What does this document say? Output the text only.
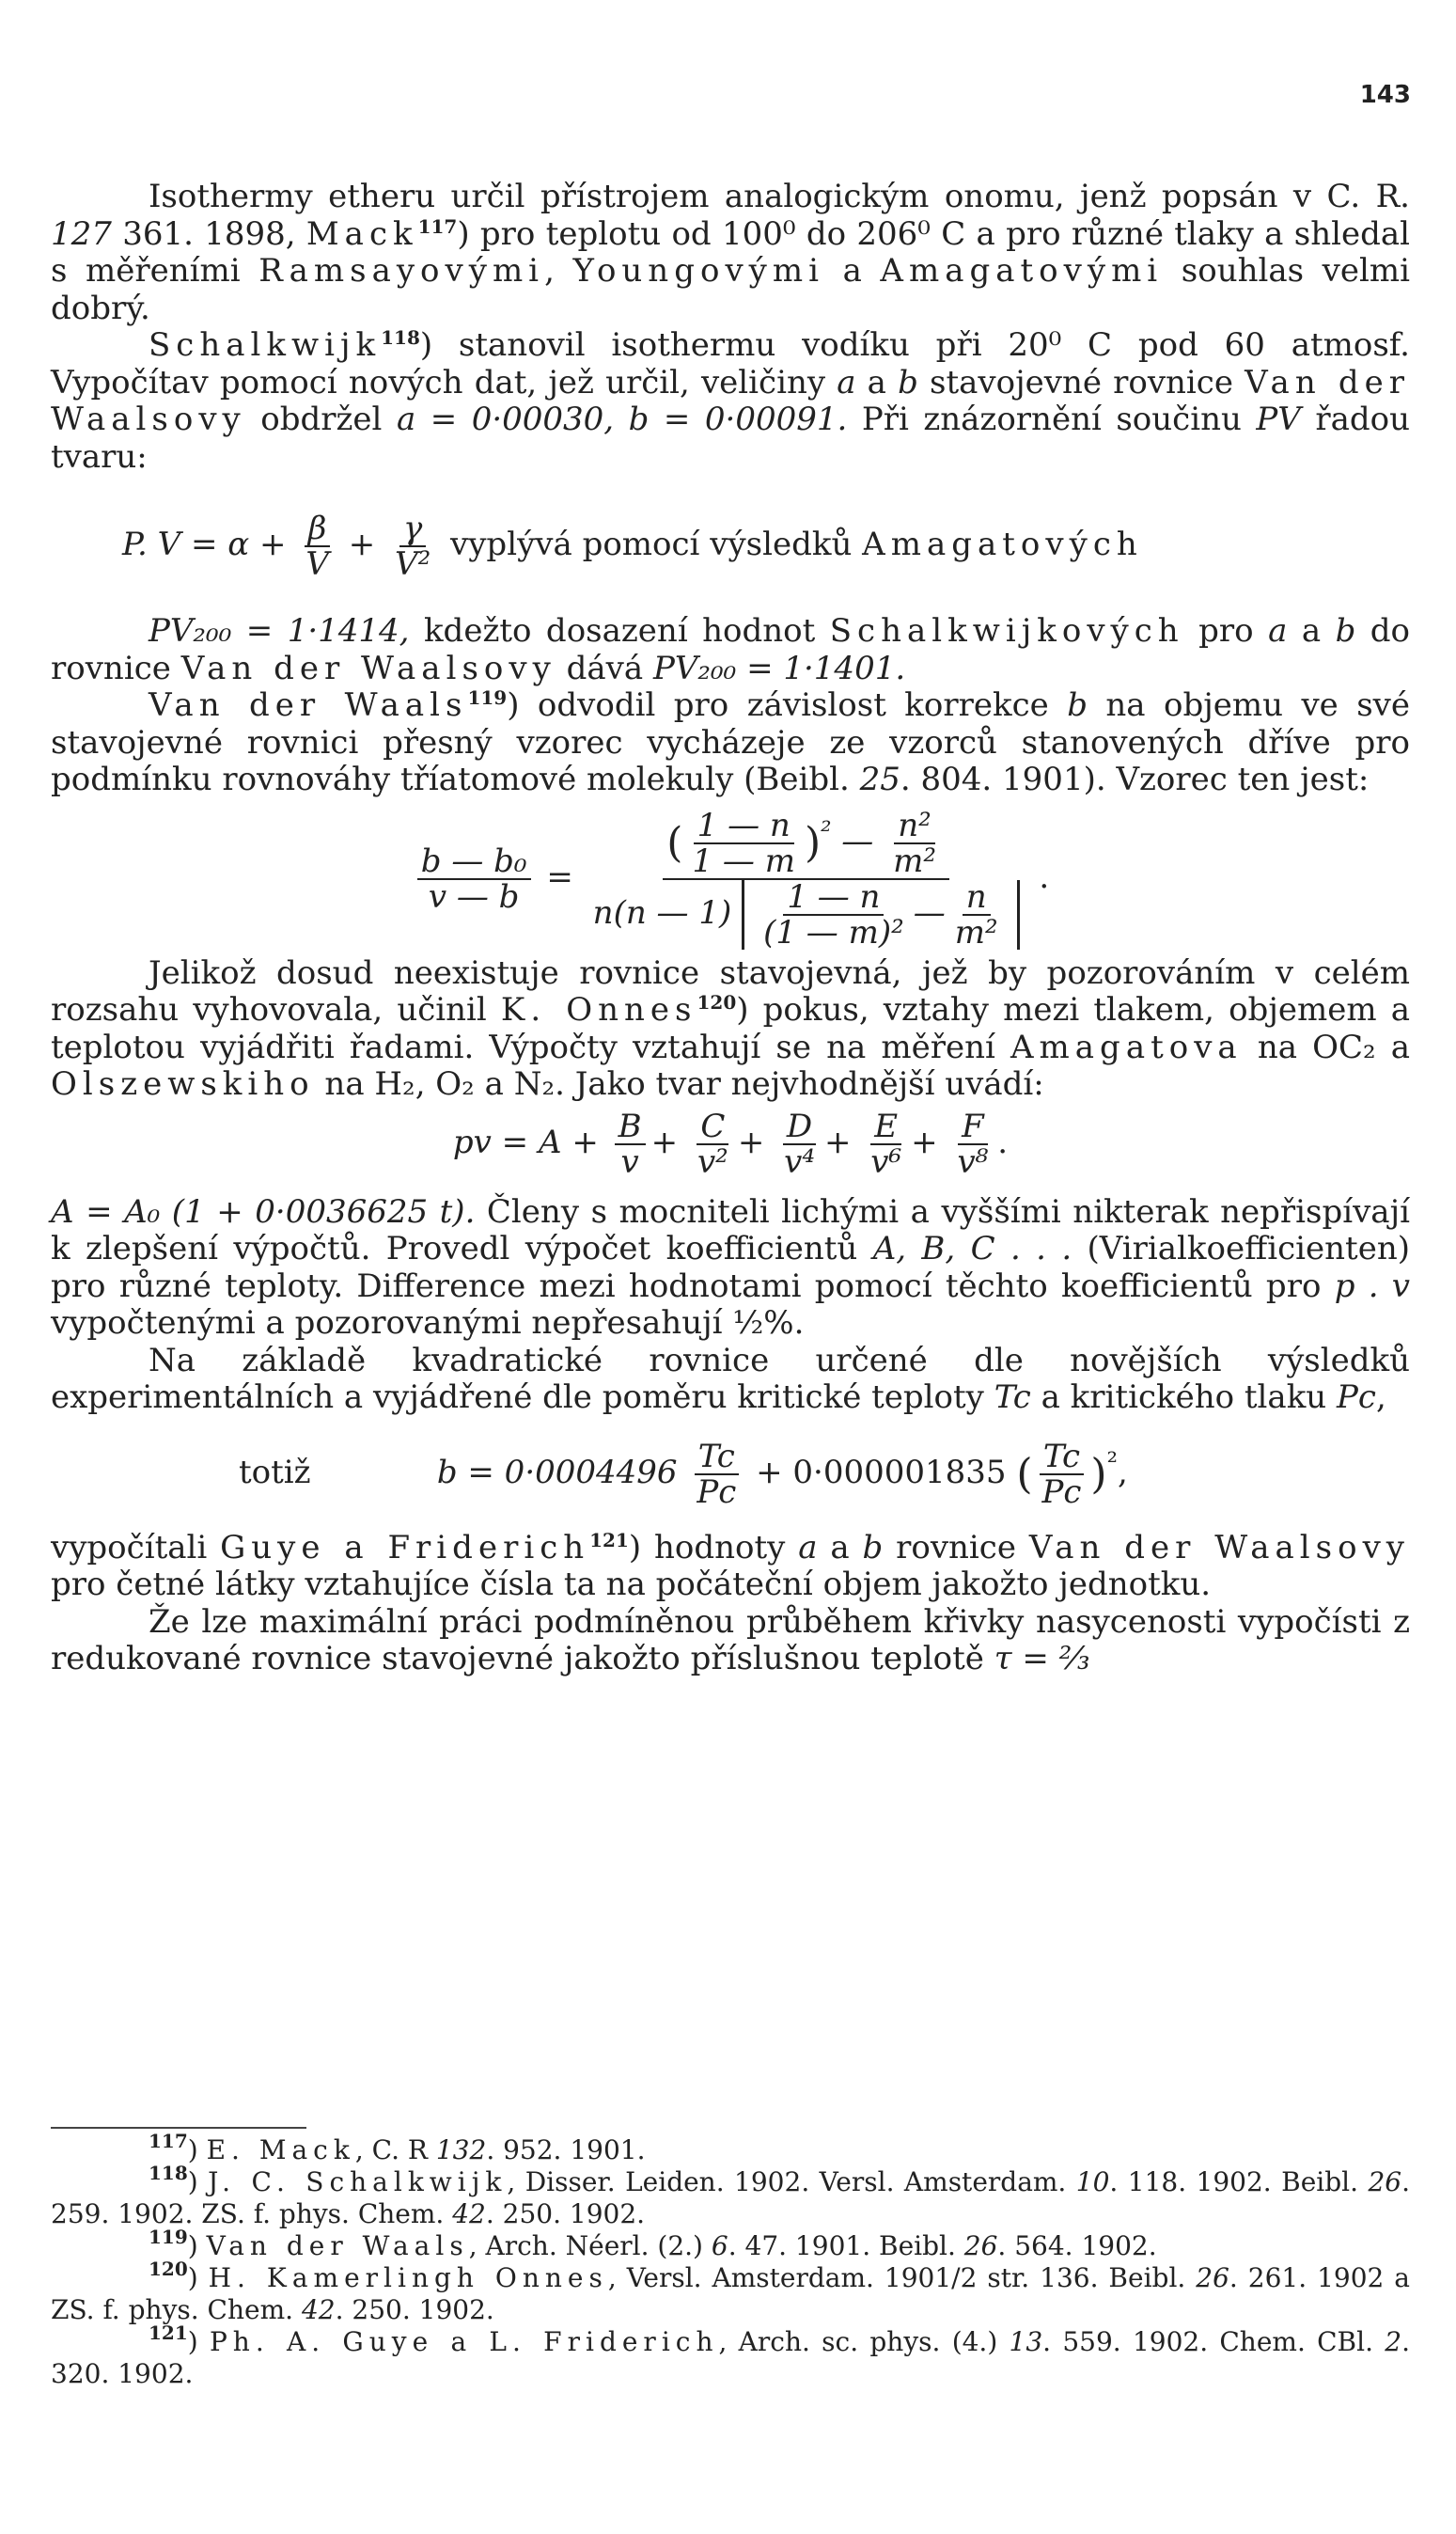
143

Isothermy etheru určil přístrojem analogickým onomu, jenž popsán v C. R. 127 361. 1898, Mack$^{117}$) pro teplotu od 100⁰ do 206⁰ C a pro různé tlaky a shledal s měřeními Ramsayovými, Youngovými a Amagatovými souhlas velmi dobrý.

Schalkwijk$^{118}$) stanovil isothermu vodíku při 20⁰ C pod 60 atmosf. Vypočítav pomocí nových dat, jež určil, veličiny a a b stavojevné rovnice Van der Waalsovy obdržel a = 0·00030, b = 0·00091. Při znázornění součinu PV řadou tvaru:

P. $V = \alpha + \frac{\beta}{V} + \frac{\gamma}{\text{V²}}$ vyplývá pomocí výsledků Amagatových

PV₂₀₀ = 1·1414, kdežto dosazení hodnot Schalkwijkových pro a a b do rovnice Van der Waalsovy dává PV₂₀₀ = 1·1401.

Van der Waals$^{119}$) odvodil pro závislost korrekce b na objemu ve své stavojevné rovnici přesný vzorec vycházeje ze vzorců stanovených dříve pro podmínku rovnováhy tříatomové molekuly (Beibl. 25. 804. 1901). Vzorec ten jest:

$\frac{\text{b — b₀}}{v — b} = \frac{( \frac{1 — n}{1 — m} )^{^2} — \frac{\text{n²}}{\text{m²}}}{n(n — 1) \frac{1 — n}{\text{(1 — m)²}} — \frac{n}{\text{m²}}}$ .

Jelikož dosud neexistuje rovnice stavojevná, jež by pozorováním v celém rozsahu vyhovovala, učinil K. Onnes$^{120}$) pokus, vztahy mezi tlakem, objemem a teplotou vyjádřiti řadami. Výpočty vztahují se na měření Amagatova na OC₂ a Olszewskiho na H₂, O₂ a N₂. Jako tvar nejvhodnější uvádí:

pv = $A + \frac{B}{v} + \frac{C}{\text{v²}} + \frac{D}{\text{v⁴}} + \frac{E}{\text{v⁶}} + \frac{F}{\text{v⁸}}$ .

A = A₀ (1 + 0·0036625 t). Členy s mocniteli lichými a vyššími nikterak nepřispívají k zlepšení výpočtů. Provedl výpočet koefficientů A, B, C . . . (Virialkoefficienten) pro různé teploty. Difference mezi hodnotami pomocí těchto koefficientů pro p . v vypočtenými a pozorovanými nepřesahují ½%.

Na základě kvadratické rovnice určené dle novějších výsledků experimentálních a vyjádřené dle poměru kritické teploty Tc a kritického tlaku Pc,

totiž	$b = 0\cdot 0004496 \frac{Tc}{Pc} + 0\cdot 000001835$ ( $\frac{Tc}{Pc} )^{^2}$,

vypočítali Guye a Friderich$^{121}$) hodnoty a a b rovnice Van der Waalsovy pro četné látky vztahujíce čísla ta na počáteční objem jakožto jednotku.

Že lze maximální práci podmíněnou průběhem křivky nasycenosti vypočísti z redukované rovnice stavojevné jakožto příslušnou teplotě τ = ⅔

$^{117}$) E. Mack, C. R 132. 952. 1901.

$^{118}$) J. C. Schalkwijk, Disser. Leiden. 1902. Versl. Amsterdam. 10. 118. 1902. Beibl. 26. 259. 1902. ZS. f. phys. Chem. 42. 250. 1902.

$^{119}$) Van der Waals, Arch. Néerl. (2.) 6. 47. 1901. Beibl. 26. 564. 1902.

$^{120}$) H. Kamerlingh Onnes, Versl. Amsterdam. 1901/2 str. 136. Beibl. 26. 261. 1902 a ZS. f. phys. Chem. 42. 250. 1902.

$^{121}$) Ph. A. Guye a L. Friderich, Arch. sc. phys. (4.) 13. 559. 1902. Chem. CBl. 2. 320. 1902.
